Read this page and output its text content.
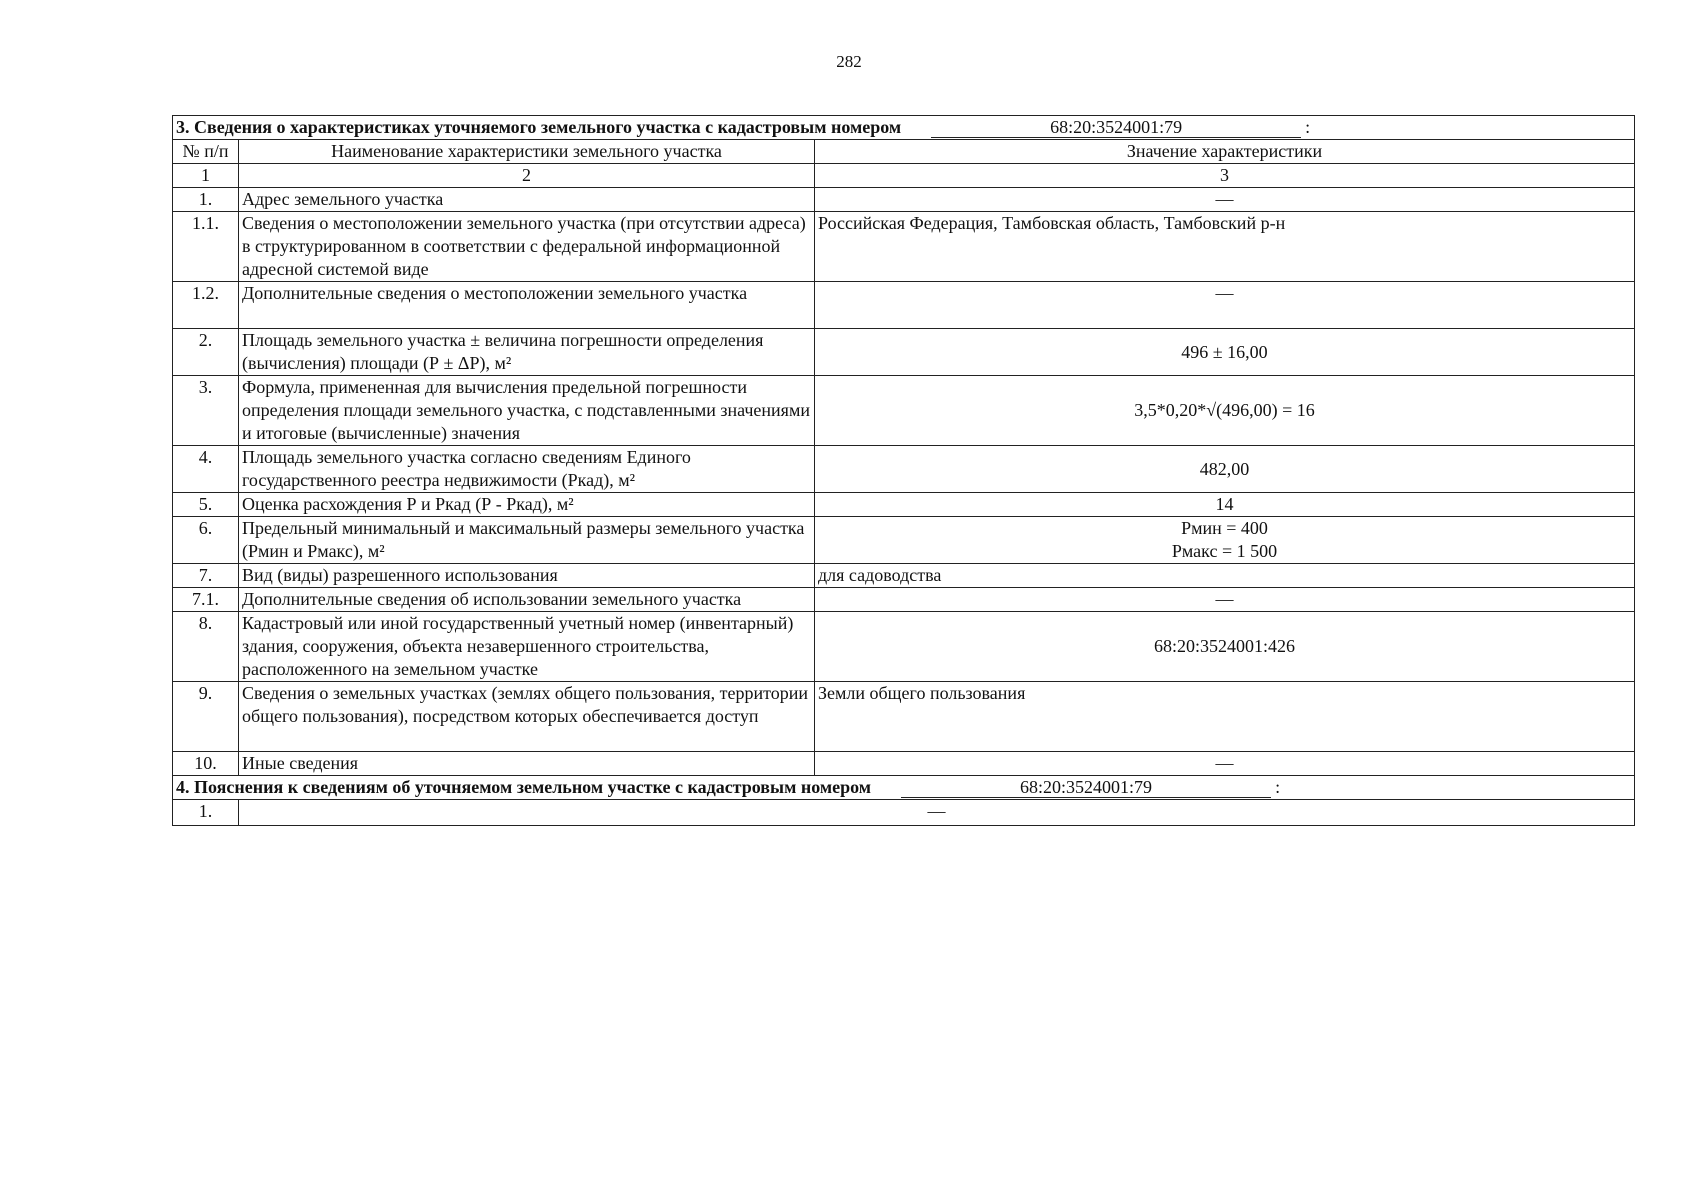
282
3. Сведения о характеристиках уточняемого земельного участка с кадастровым номером 68:20:3524001:79 :		
№ п/п	Наименование характеристики земельного участка	Значение характеристики
1	2	3
1.	Адрес земельного участка	—
1.1.	Сведения о местоположении земельного участка (при отсутствии адреса) в структурированном в соответствии с федеральной информационной адресной системой виде	Российская Федерация, Тамбовская область, Тамбовский р-н
1.2.	Дополнительные сведения о местоположении земельного участка	—
2.	Площадь земельного участка ± величина погрешности определения (вычисления) площади (Р ± ΔР), м²	496 ± 16,00
3.	Формула, примененная для вычисления предельной погрешности определения площади земельного участка, с подставленными значениями и итоговые (вычисленные) значения	3,5*0,20*√(496,00) = 16
4.	Площадь земельного участка согласно сведениям Единого государственного реестра недвижимости (Ркад), м²	482,00
5.	Оценка расхождения Р и Ркад (Р - Ркад), м²	14
6.	Предельный минимальный и максимальный размеры земельного участка (Рмин и Рмакс), м²	Рмин = 400
Рмакс = 1 500

7.	Вид (виды) разрешенного использования	для садоводства
7.1.	Дополнительные сведения об использовании земельного участка	—
8.	Кадастровый или иной государственный учетный номер (инвентарный) здания, сооружения, объекта незавершенного строительства, расположенного на земельном участке	68:20:3524001:426
9.	Сведения о земельных участках (землях общего пользования, территории общего пользования), посредством которых обеспечивается доступ	Земли общего пользования
10.	Иные сведения	—
4. Пояснения к сведениям об уточняемом земельном участке с кадастровым номером 68:20:3524001:79 :		
1.	—	
